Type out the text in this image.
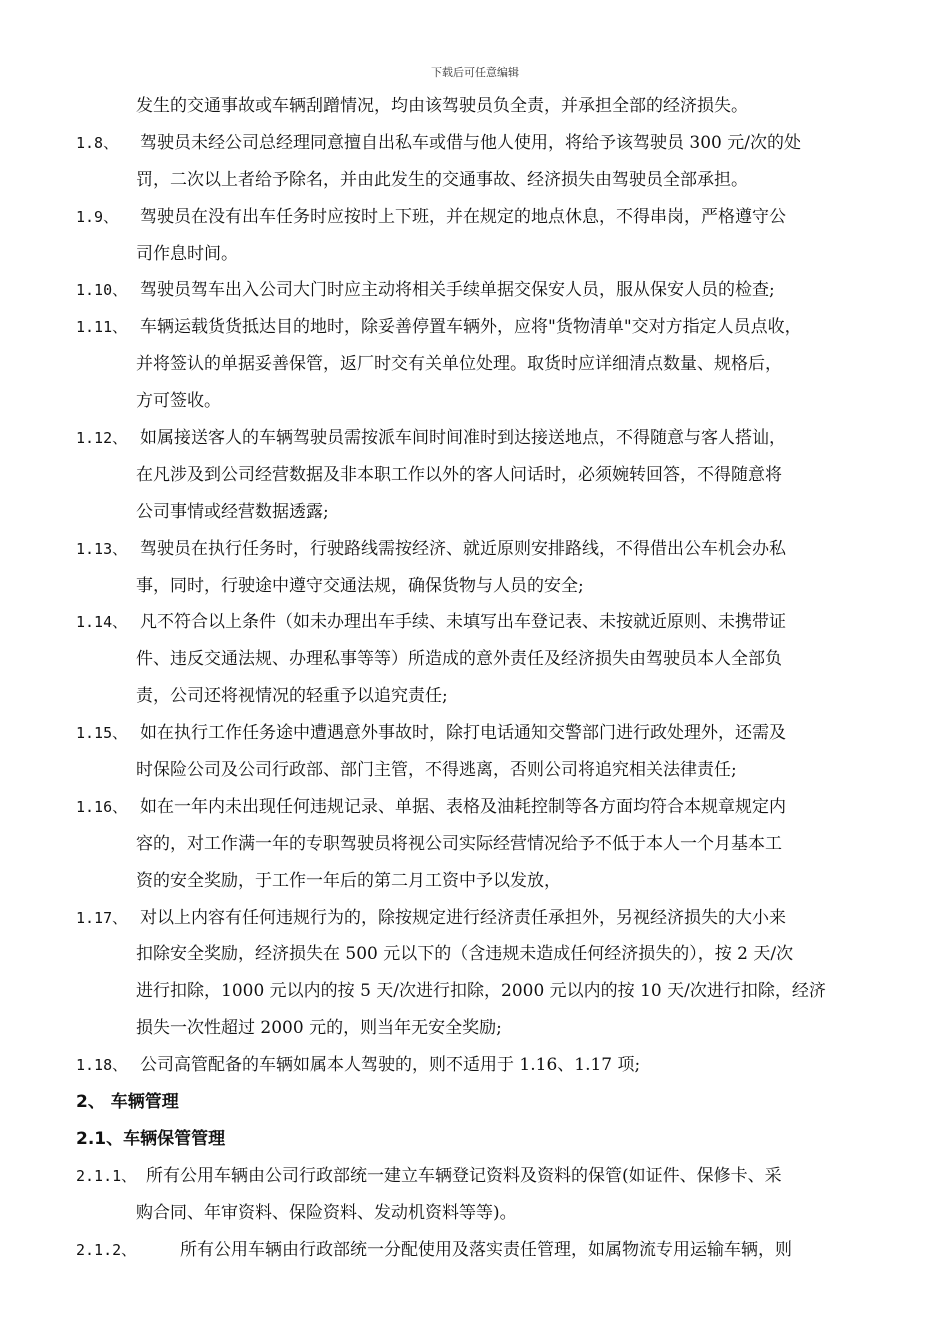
下载后可任意编辑
发生的交通事故或车辆刮蹭情况，均由该驾驶员负全责，并承担全部的经济损失。
1.8、 驾驶员未经公司总经理同意擅自出私车或借与他人使用，将给予该驾驶员 300 元/次的处
罚，二次以上者给予除名，并由此发生的交通事故、经济损失由驾驶员全部承担。
1.9、 驾驶员在没有出车任务时应按时上下班，并在规定的地点休息，不得串岗，严格遵守公
司作息时间。
1.10、 驾驶员驾车出入公司大门时应主动将相关手续单据交保安人员，服从保安人员的检查;
1.11、 车辆运载货货抵达目的地时，除妥善停置车辆外，应将"货物清单"交对方指定人员点收，
并将签认的单据妥善保管，返厂时交有关单位处理。取货时应详细清点数量、规格后，
方可签收。
1.12、 如属接送客人的车辆驾驶员需按派车间时间准时到达接送地点，不得随意与客人搭讪，
在凡涉及到公司经营数据及非本职工作以外的客人问话时，必须婉转回答，不得随意将
公司事情或经营数据透露;
1.13、 驾驶员在执行任务时，行驶路线需按经济、就近原则安排路线，不得借出公车机会办私
事，同时，行驶途中遵守交通法规，确保货物与人员的安全;
1.14、 凡不符合以上条件（如未办理出车手续、未填写出车登记表、未按就近原则、未携带证
件、违反交通法规、办理私事等等）所造成的意外责任及经济损失由驾驶员本人全部负
责，公司还将视情况的轻重予以追究责任;
1.15、 如在执行工作任务途中遭遇意外事故时，除打电话通知交警部门进行政处理外，还需及
时保险公司及公司行政部、部门主管，不得逃离，否则公司将追究相关法律责任;
1.16、 如在一年内未出现任何违规记录、单据、表格及油耗控制等各方面均符合本规章规定内
容的，对工作满一年的专职驾驶员将视公司实际经营情况给予不低于本人一个月基本工
资的安全奖励，于工作一年后的第二月工资中予以发放，
1.17、 对以上内容有任何违规行为的，除按规定进行经济责任承担外，另视经济损失的大小来
扣除安全奖励，经济损失在 500 元以下的（含违规未造成任何经济损失的），按 2 天/次
进行扣除，1000 元以内的按 5 天/次进行扣除，2000 元以内的按 10 天/次进行扣除，经济
损失一次性超过 2000 元的，则当年无安全奖励;
1.18、 公司高管配备的车辆如属本人驾驶的，则不适用于 1.16、1.17 项;
2、 车辆管理
2.1、车辆保管管理
2.1.1、 所有公用车辆由公司行政部统一建立车辆登记资料及资料的保管(如证件、保修卡、采
购合同、年审资料、保险资料、发动机资料等等)。
2.1.2、　　所有公用车辆由行政部统一分配使用及落实责任管理，如属物流专用运输车辆，则
